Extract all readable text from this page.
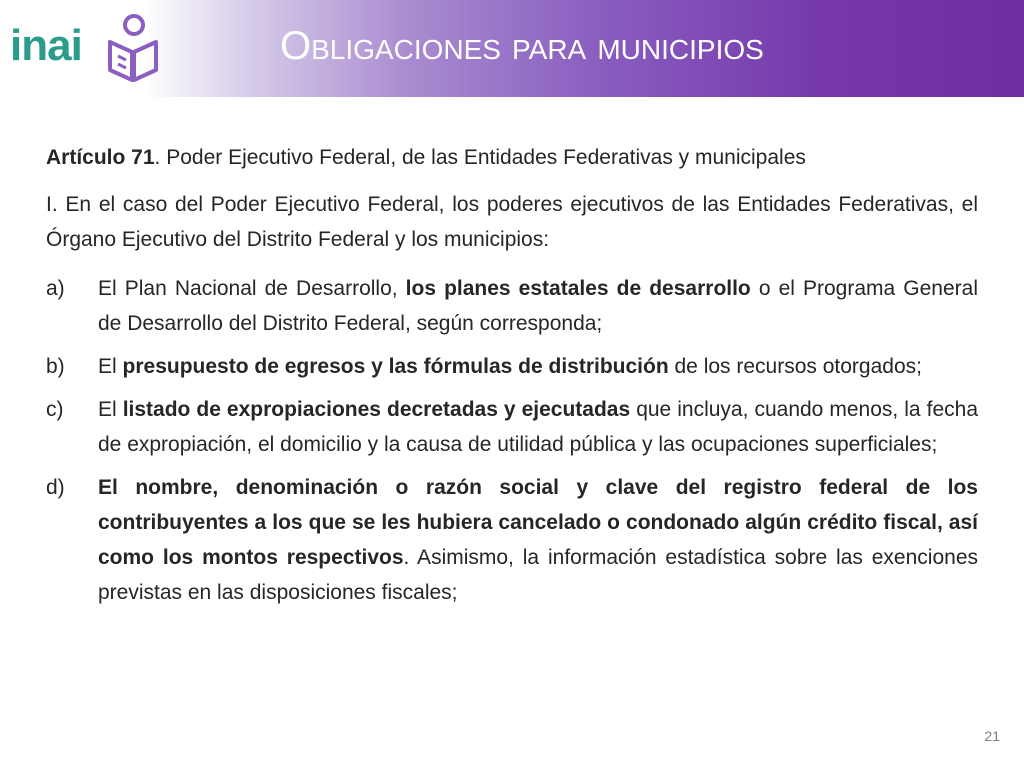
inai	Obligaciones para municipios

Artículo 71. Poder Ejecutivo Federal, de las Entidades Federativas y municipales

I. En el caso del Poder Ejecutivo Federal, los poderes ejecutivos de las Entidades Federativas, el Órgano Ejecutivo del Distrito Federal y los municipios:

a) El Plan Nacional de Desarrollo, los planes estatales de desarrollo o el Programa General de Desarrollo del Distrito Federal, según corresponda;
b) El presupuesto de egresos y las fórmulas de distribución de los recursos otorgados;
c) El listado de expropiaciones decretadas y ejecutadas que incluya, cuando menos, la fecha de expropiación, el domicilio y la causa de utilidad pública y las ocupaciones superficiales;
d) El nombre, denominación o razón social y clave del registro federal de los contribuyentes a los que se les hubiera cancelado o condonado algún crédito fiscal, así como los montos respectivos. Asimismo, la información estadística sobre las exenciones previstas en las disposiciones fiscales;
21
